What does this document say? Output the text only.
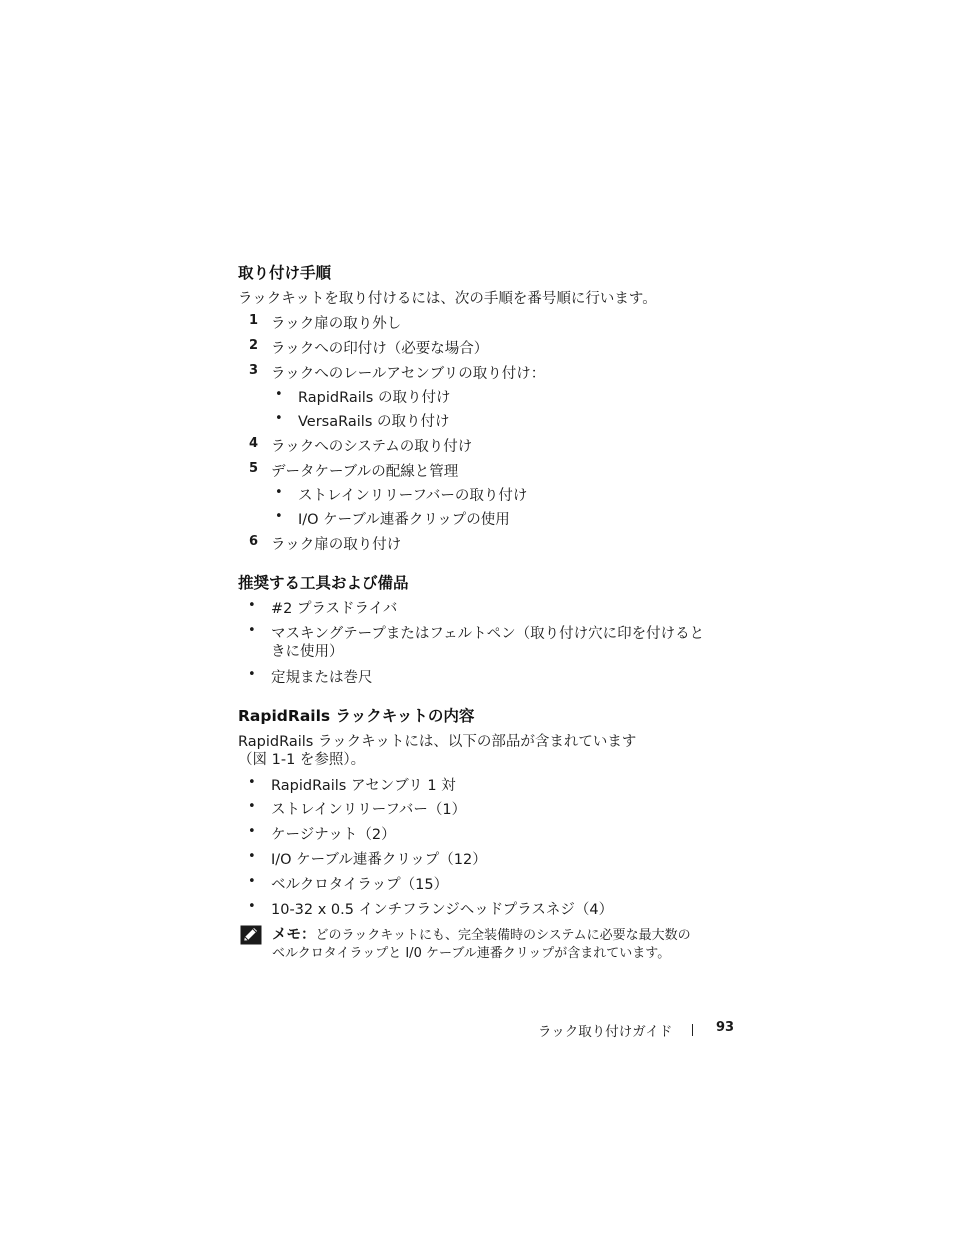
取り付け手順
ラックキットを取り付けるには、次の手順を番号順に行います。
1 ラック扉の取り外し
2 ラックへの印付け（必要な場合）
3 ラックへのレールアセンブリの取り付け：
• RapidRails の取り付け
• VersaRails の取り付け
4 ラックへのシステムの取り付け
5 データケーブルの配線と管理
• ストレインリリーフバーの取り付け
• I/O ケーブル連番クリップの使用
6 ラック扉の取り付け
推奨する工具および備品
• #2 プラスドライバ
• マスキングテープまたはフェルトペン（取り付け穴に印を付けると
きに使用）
• 定規または巻尺
RapidRails ラックキットの内容
RapidRails ラックキットには、以下の部品が含まれています
（図 1-1 を参照）。
• RapidRails アセンブリ 1 対
• ストレインリリーフバー（1）
• ケージナット（2）
• I/O ケーブル連番クリップ（12）
• ベルクロタイラップ（15）
• 10-32 x 0.5 インチフランジヘッドプラスネジ（4）
メモ：どのラックキットにも、完全装備時のシステムに必要な最大数の
ベルクロタイラップと I/0 ケーブル連番クリップが含まれています。
ラック取り付けガイド	93
